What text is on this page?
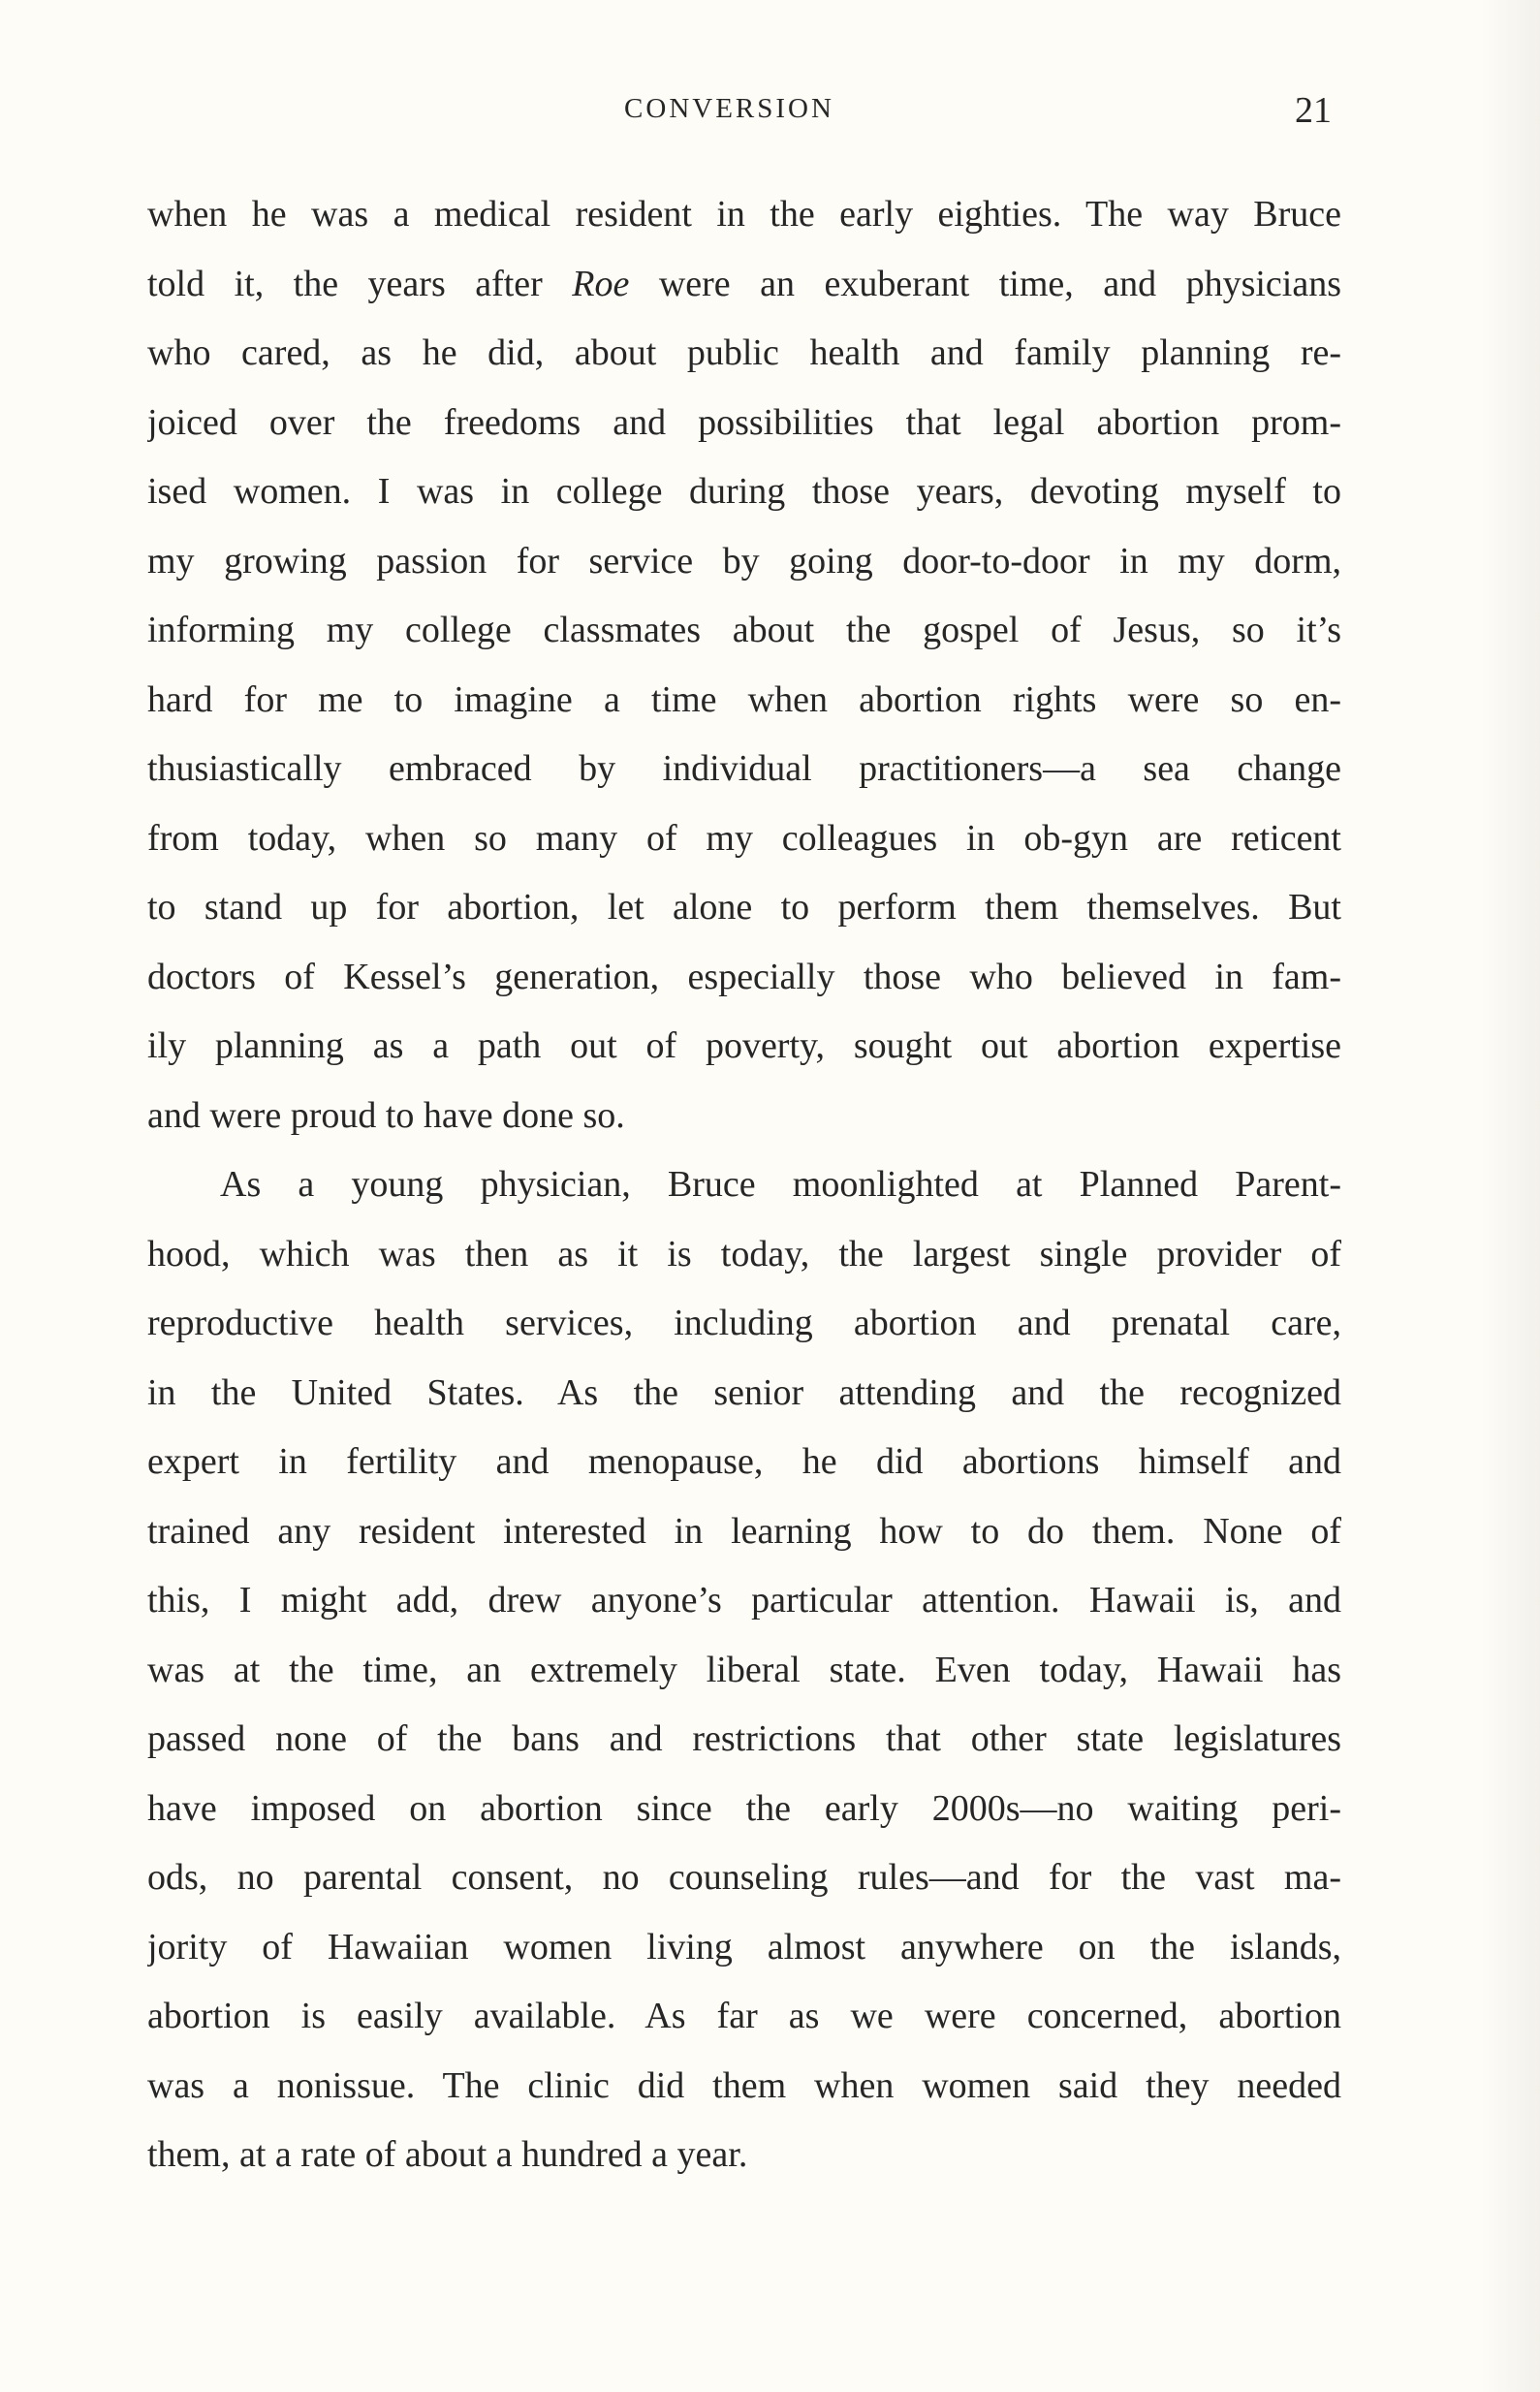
CONVERSION	21
when he was a medical resident in the early eighties. The way Bruce
told it, the years after Roe were an exuberant time, and physicians
who cared, as he did, about public health and family planning re-
joiced over the freedoms and possibilities that legal abortion prom-
ised women. I was in college during those years, devoting myself to
my growing passion for service by going door-to-door in my dorm,
informing my college classmates about the gospel of Jesus, so it’s
hard for me to imagine a time when abortion rights were so en-
thusiastically embraced by individual practitioners—a sea change
from today, when so many of my colleagues in ob-gyn are reticent
to stand up for abortion, let alone to perform them themselves. But
doctors of Kessel’s generation, especially those who believed in fam-
ily planning as a path out of poverty, sought out abortion expertise
and were proud to have done so.
As a young physician, Bruce moonlighted at Planned Parent-
hood, which was then as it is today, the largest single provider of
reproductive health services, including abortion and prenatal care,
in the United States. As the senior attending and the recognized
expert in fertility and menopause, he did abortions himself and
trained any resident interested in learning how to do them. None of
this, I might add, drew anyone’s particular attention. Hawaii is, and
was at the time, an extremely liberal state. Even today, Hawaii has
passed none of the bans and restrictions that other state legislatures
have imposed on abortion since the early 2000s—no waiting peri-
ods, no parental consent, no counseling rules—and for the vast ma-
jority of Hawaiian women living almost anywhere on the islands,
abortion is easily available. As far as we were concerned, abortion
was a nonissue. The clinic did them when women said they needed
them, at a rate of about a hundred a year.
